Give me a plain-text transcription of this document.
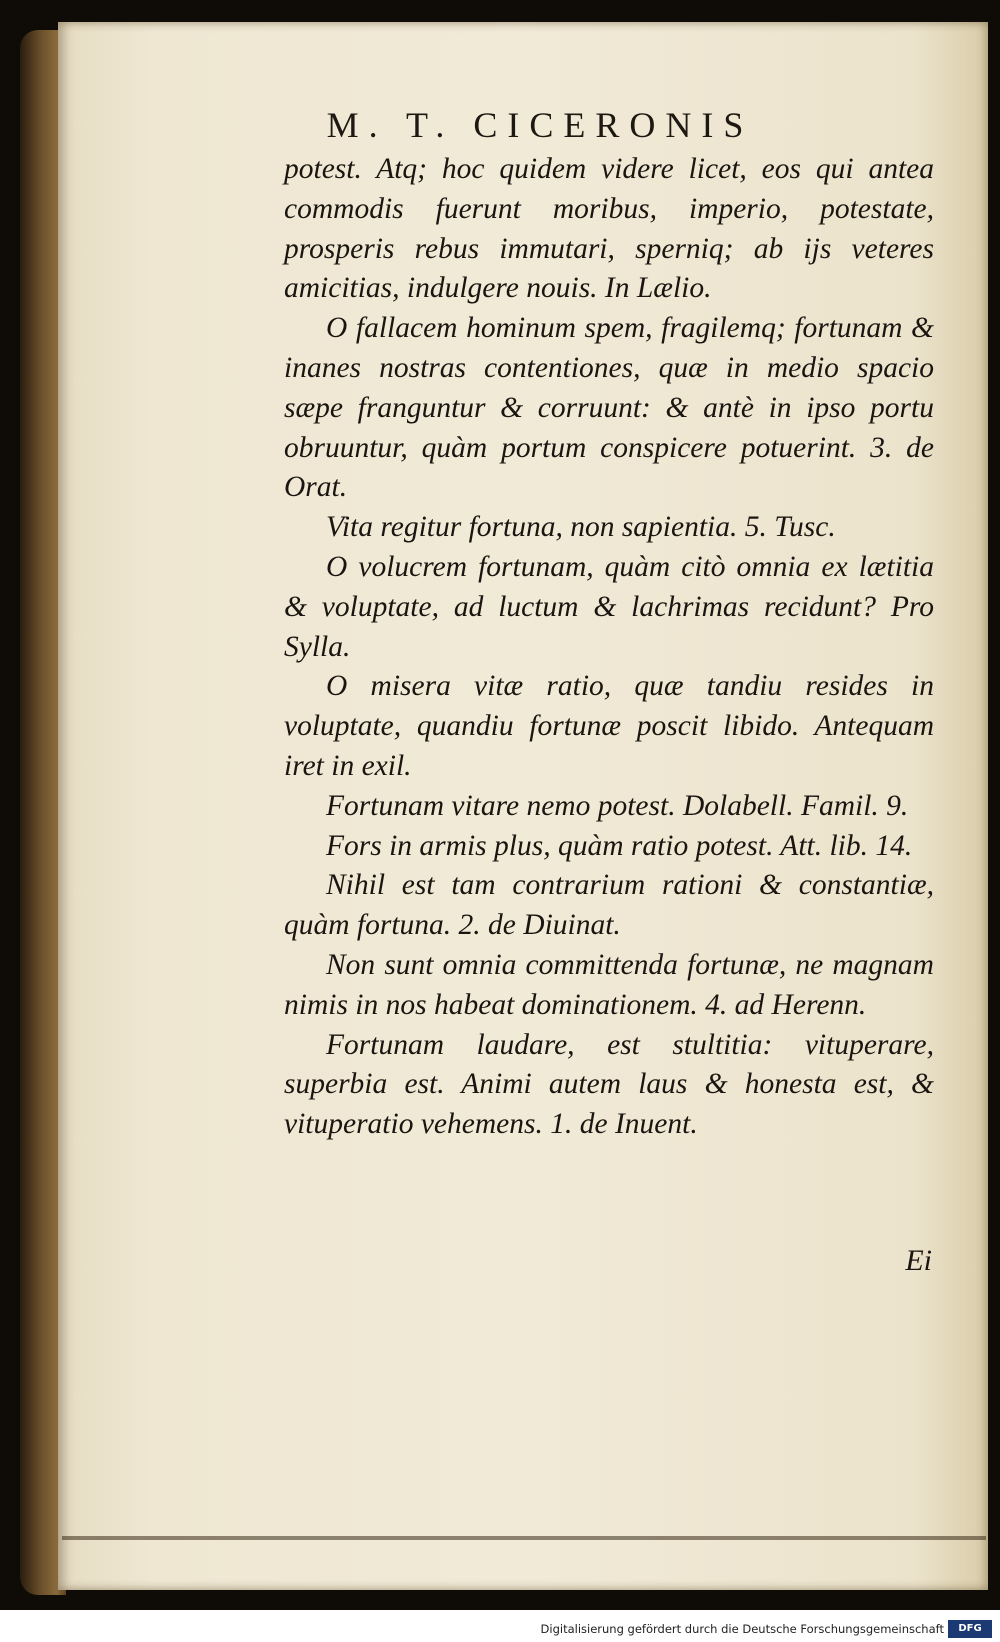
M. T. CICERONIS

potest. Atq; hoc quidem videre licet, eos qui antea commodis fuerunt moribus, imperio, potestate, prosperis rebus immutari, sperniq; ab ijs veteres amicitias, indulgere nouis. In Lælio.

O fallacem hominum spem, fragilemq; fortunam & inanes nostras contentiones, quæ in medio spacio sæpe franguntur & corruunt: & antè in ipso portu obruuntur, quàm portum conspicere potuerint. 3. de Orat.

Vita regitur fortuna, non sapientia. 5. Tusc.

O volucrem fortunam, quàm citò omnia ex lætitia & voluptate, ad luctum & lachrimas recidunt? Pro Sylla.

O misera vitæ ratio, quæ tandiu resides in voluptate, quandiu fortunæ poscit libido. Antequam iret in exil.

Fortunam vitare nemo potest. Dolabell. Famil. 9.

Fors in armis plus, quàm ratio potest. Att. lib. 14.

Nihil est tam contrarium rationi & constantiæ, quàm fortuna. 2. de Diuinat.

Non sunt omnia committenda fortunæ, ne magnam nimis in nos habeat dominationem. 4. ad Herenn.

Fortunam laudare, est stultitia: vituperare, superbia est. Animi autem laus & honesta est, & vituperatio vehemens. 1. de Inuent.

Ei
Digitalisierung gefördert durch die Deutsche Forschungsgemeinschaft	DFG
